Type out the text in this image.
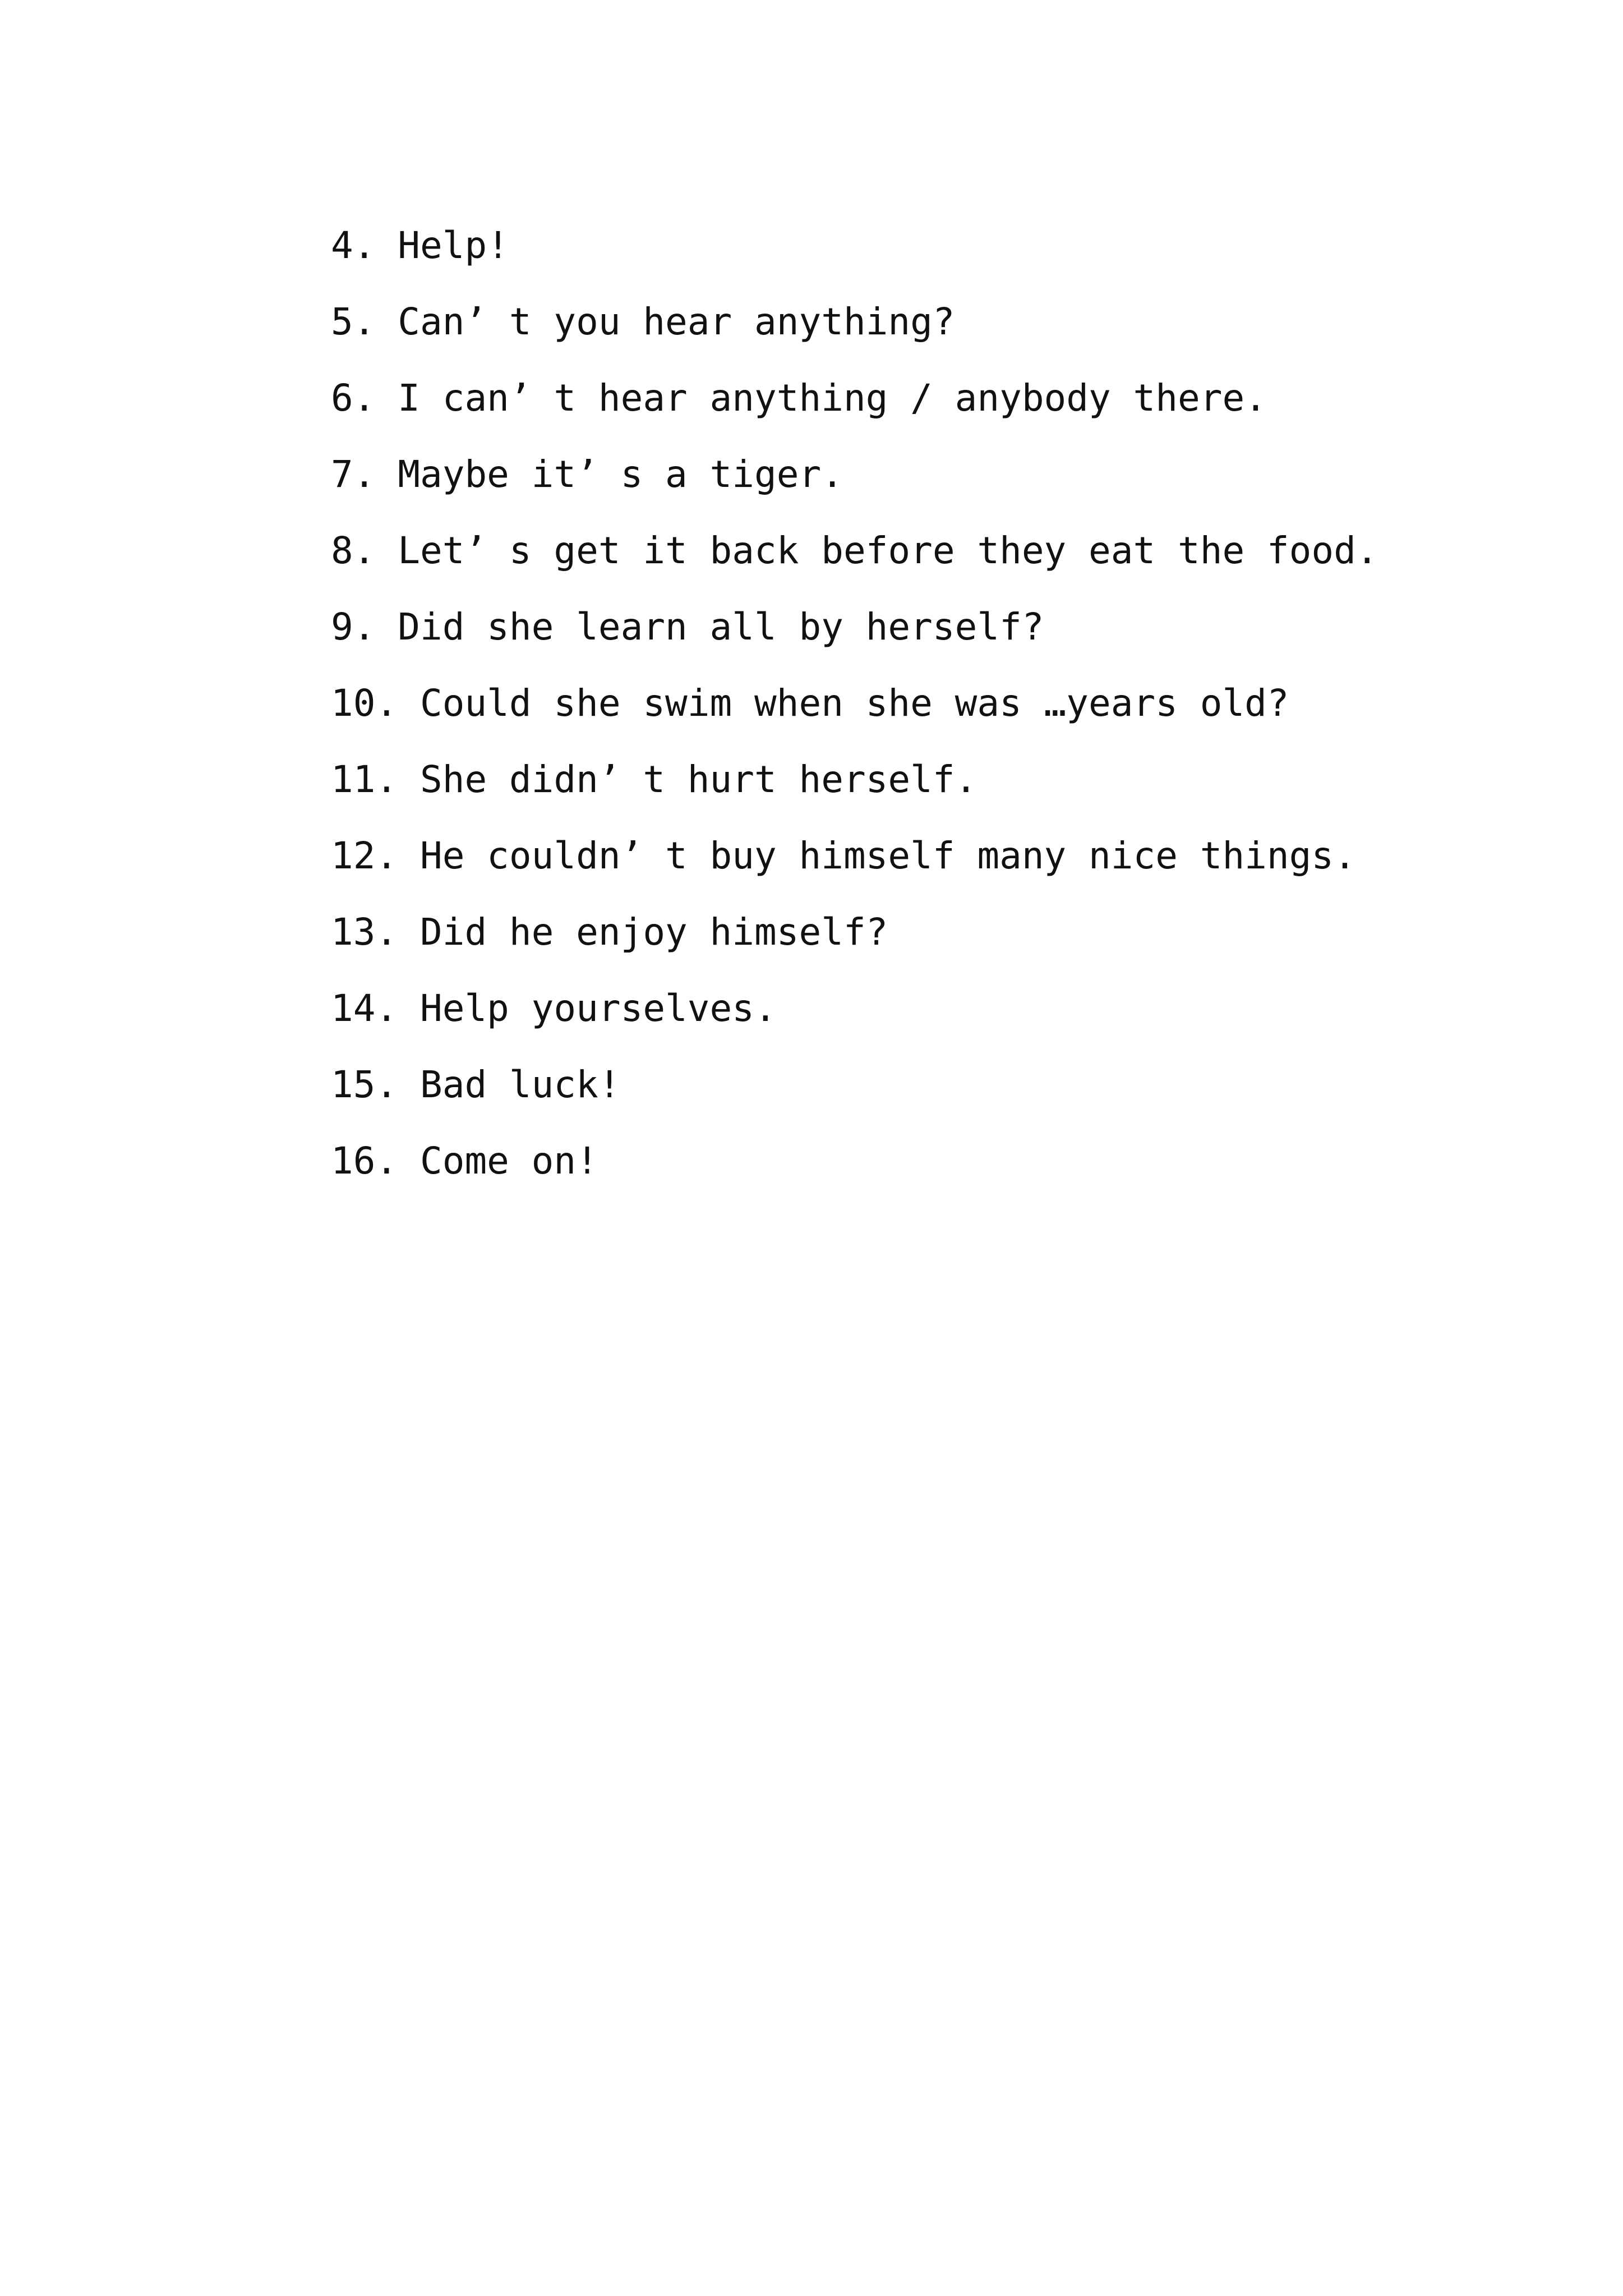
4. Help!
5. Can’ t you hear anything?
6. I can’ t hear anything / anybody there.
7. Maybe it’ s a tiger.
8. Let’ s get it back before they eat the food.
9. Did she learn all by herself?
10. Could she swim when she was …years old?
11. She didn’ t hurt herself.
12. He couldn’ t buy himself many nice things.
13. Did he enjoy himself?
14. Help yourselves.
15. Bad luck!
16. Come on!
